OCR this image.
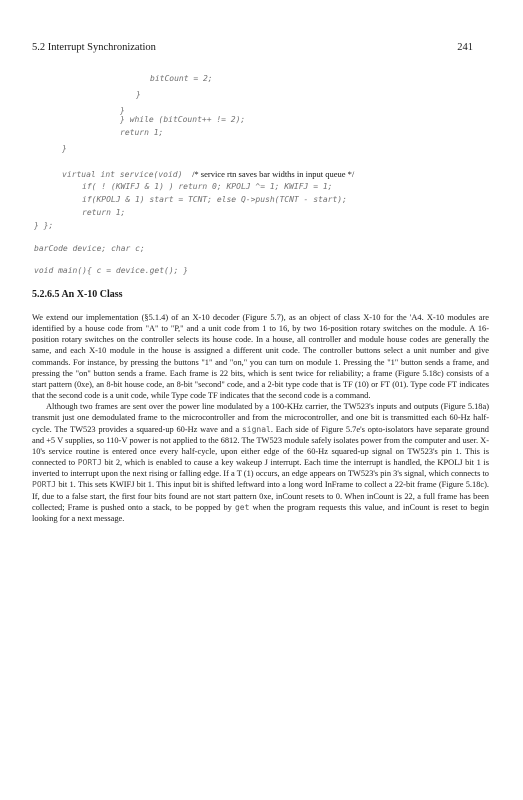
5.2 Interrupt Synchronization	241
bitCount = 2;
}
}
} while (bitCount++ != 2);
return 1;
}
virtual int service(void) /* service rtn saves bar widths in input queue */
if( ! (KWIFJ & 1) ) return 0; KPOLJ ^= 1; KWIFJ = 1;
if(KPOLJ & 1) start = TCNT; else Q->push(TCNT - start);
return 1;
} };
barCode device; char c;
void main(){ c = device.get(); }
5.2.6.5 An X-10 Class

We extend our implementation (§5.1.4) of an X-10 decoder (Figure 5.7), as an object of class X-10 for the 'A4. X-10 modules are identified by a house code from "A" to "P," and a unit code from 1 to 16, by two 16-position rotary switches on the module. A 16-position rotary switches on the controller selects its house code. In a house, all controller and module house codes are generally the same, and each X-10 module in the house is assigned a different unit code. The controller buttons select a unit number and give commands. For instance, by pressing the buttons "1" and "on," you can turn on module 1. Pressing the "1" button sends a frame, and pressing the "on" button sends a frame. Each frame is 22 bits, which is sent twice for reliability; a frame (Figure 5.18c) consists of a start pattern (0xe), an 8-bit house code, an 8-bit "second" code, and a 2-bit type code that is TF (10) or FT (01). Type code FT indicates that the second code is a unit code, while Type code TF indicates that the second code is a command.

Although two frames are sent over the power line modulated by a 100-KHz carrier, the TW523's inputs and outputs (Figure 5.18a) transmit just one demodulated frame to the microcontroller and from the microcontroller, and one bit is transmitted each 60-Hz half-cycle. The TW523 provides a squared-up 60-Hz wave and a signal. Each side of Figure 5.7e's opto-isolators have separate ground and +5 V supplies, so 110-V power is not applied to the 6812. The TW523 module safely isolates power from the computer and user. X-10's service routine is entered once every half-cycle, upon either edge of the 60-Hz squared-up signal on TW523's pin 1. This is connected to PORTJ bit 2, which is enabled to cause a key wakeup J interrupt. Each time the interrupt is handled, the KPOLJ bit 1 is inverted to interrupt upon the next rising or falling edge. If a T (1) occurs, an edge appears on TW523's pin 3's signal, which connects to PORTJ bit 1. This sets KWIFJ bit 1. This input bit is shifted leftward into a long word InFrame to collect a 22-bit frame (Figure 5.18c). If, due to a false start, the first four bits found are not start pattern 0xe, inCount resets to 0. When inCount is 22, a full frame has been collected; Frame is pushed onto a stack, to be popped by get when the program requests this value, and inCount is reset to begin looking for a next message.
